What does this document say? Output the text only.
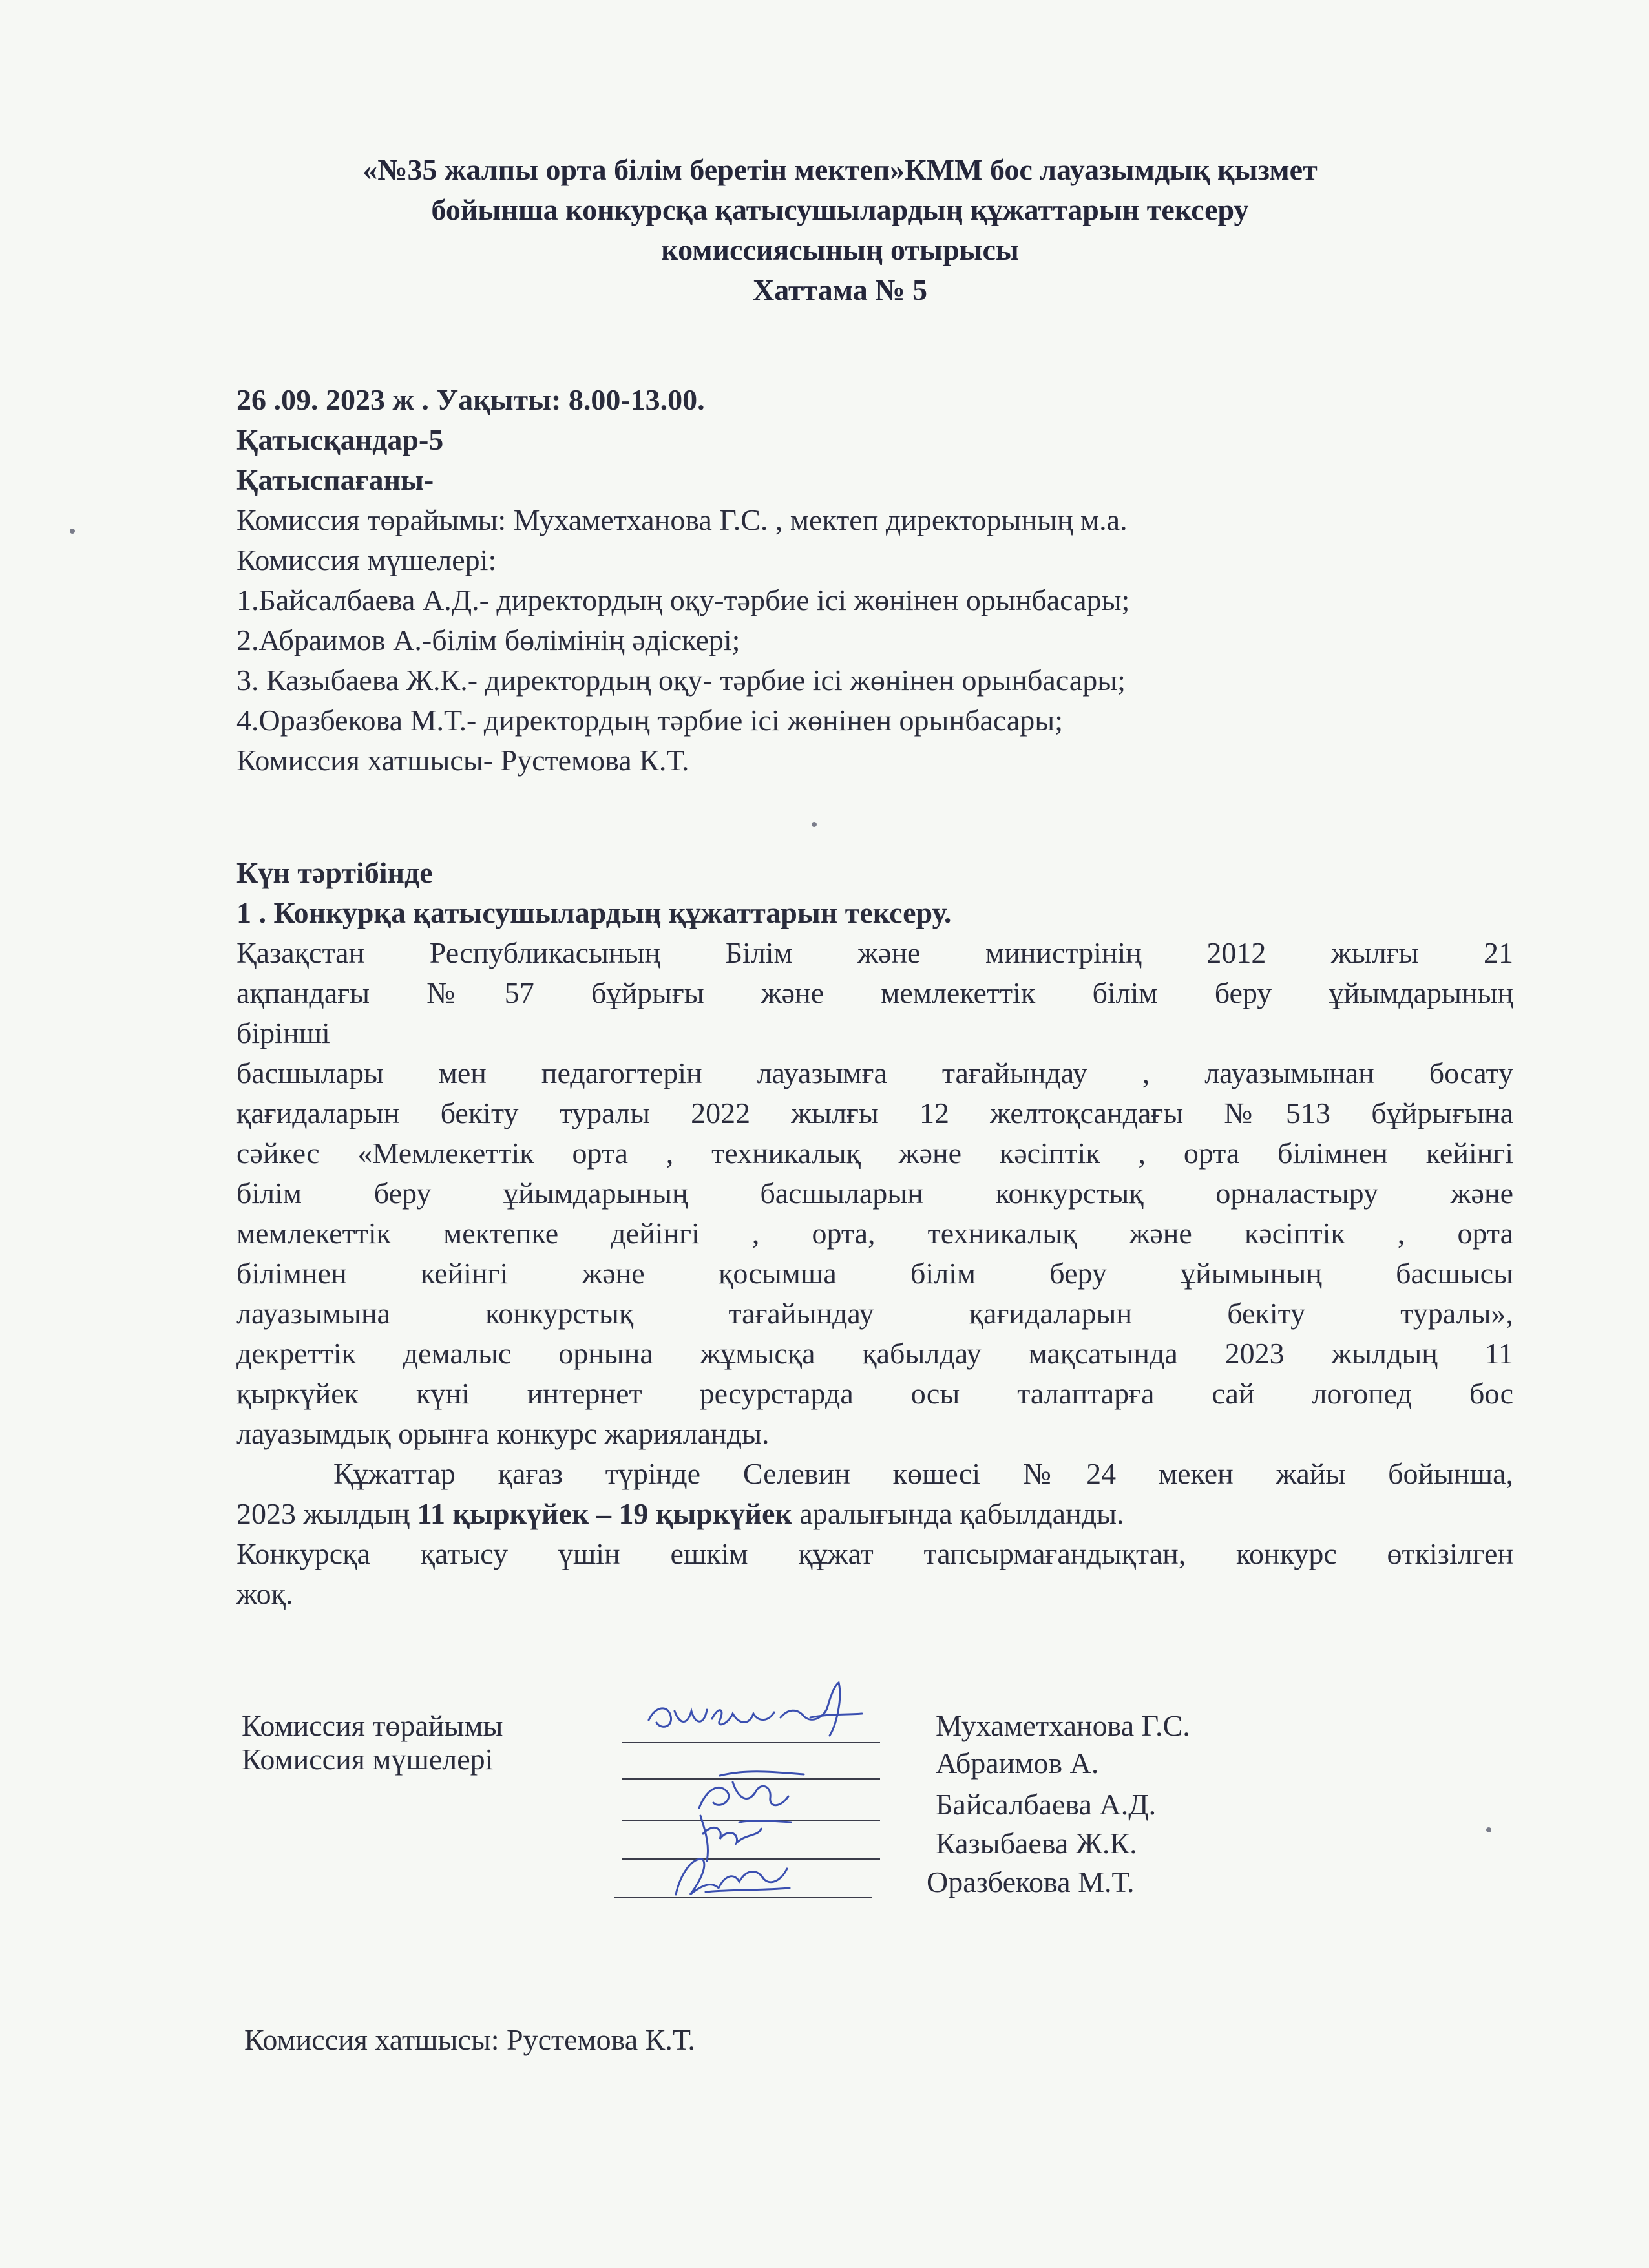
«№35 жалпы орта білім беретін мектеп»КММ бос лауазымдық қызмет
бойынша конкурсқа қатысушылардың құжаттарын тексеру
комиссиясының отырысы
Хаттама № 5
26 .09. 2023 ж . Уақыты: 8.00-13.00.
Қатысқандар-5
Қатыспағаны-
Комиссия төрайымы: Мухаметханова Г.С. , мектеп директорының м.а.
Комиссия мүшелері:
1.Байсалбаева А.Д.- директордың оқу-тәрбие ісі жөнінен орынбасары;
2.Абраимов А.-білім бөлімінің әдіскері;
3. Казыбаева Ж.К.- директордың оқу- тәрбие ісі жөнінен орынбасары;
4.Оразбекова М.Т.- директордың тәрбие ісі жөнінен орынбасары;
Комиссия хатшысы- Рустемова К.Т.
Күн тәртібінде
1 . Конкурқа қатысушылардың құжаттарын тексеру.
Қазақстан Республикасының Білім және министрінің 2012 жылғы 21
ақпандағы №57 бұйрығы және мемлекеттік білім беру ұйымдарының
бірінші
басшылары мен педагогтерін лауазымға тағайындау , лауазымынан босату
қағидаларын бекіту туралы 2022 жылғы 12 желтоқсандағы №513 бұйрығына
сәйкес «Мемлекеттік орта , техникалық және кәсіптік , орта білімнен кейінгі
білім беру ұйымдарының басшыларын конкурстық орналастыру және
мемлекеттік мектепке дейінгі , орта, техникалық және кәсіптік , орта
білімнен кейінгі және қосымша білім беру ұйымының басшысы
лауазымына конкурстық тағайындау қағидаларын бекіту туралы»,
декреттік демалыс орнына жұмысқа қабылдау мақсатында 2023 жылдың 11
қыркүйек күні интернет ресурстарда осы талаптарға сай логопед бос
лауазымдық орынға конкурс жарияланды.
Құжаттар қағаз түрінде Селевин көшесі №24 мекен жайы бойынша,
2023 жылдың 11 қыркүйек – 19 қыркүйек аралығында қабылданды.
Конкурсқа қатысу үшін ешкім құжат тапсырмағандықтан, конкурс өткізілген
жоқ.
Комиссия төрайымы
Комиссия мүшелері
Мухаметханова Г.С.
Абраимов А.
Байсалбаева А.Д.
Казыбаева Ж.К.
Оразбекова М.Т.
Комиссия хатшысы: Рустемова К.Т.
